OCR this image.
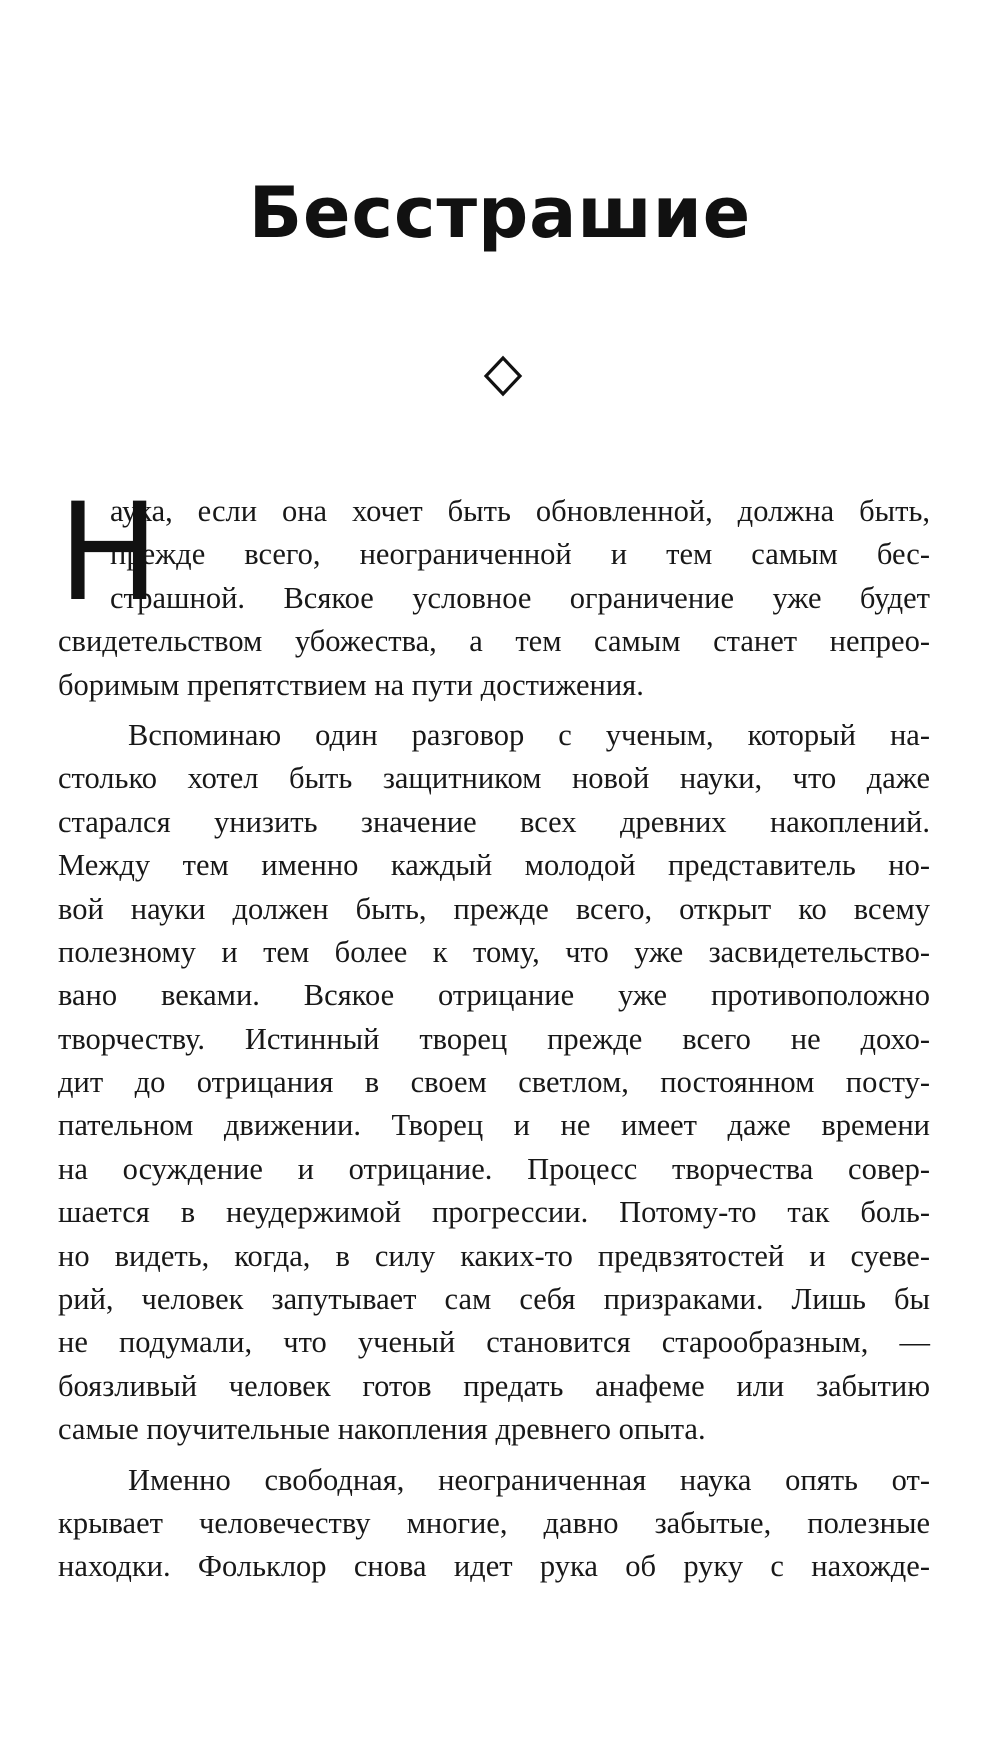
Бесстрашие
Н
аука, если она хочет быть обновленной, должна быть,
прежде всего, неограниченной и тем самым бес-
страшной. Всякое условное ограничение уже будет
свидетельством убожества, а тем самым станет непрео-
боримым препятствием на пути достижения.
Вспоминаю один разговор с ученым, который на-
столько хотел быть защитником новой науки, что даже
старался унизить значение всех древних накоплений.
Между тем именно каждый молодой представитель но-
вой науки должен быть, прежде всего, открыт ко всему
полезному и тем более к тому, что уже засвидетельство-
вано веками. Всякое отрицание уже противоположно
творчеству. Истинный творец прежде всего не дохо-
дит до отрицания в своем светлом, постоянном посту-
пательном движении. Творец и не имеет даже времени
на осуждение и отрицание. Процесс творчества совер-
шается в неудержимой прогрессии. Потому-то так боль-
но видеть, когда, в силу каких-то предвзятостей и суеве-
рий, человек запутывает сам себя призраками. Лишь бы
не подумали, что ученый становится старообразным, —
боязливый человек готов предать анафеме или забытию
самые поучительные накопления древнего опыта.
Именно свободная, неограниченная наука опять от-
крывает человечеству многие, давно забытые, полезные
находки. Фольклор снова идет рука об руку с нахожде-
